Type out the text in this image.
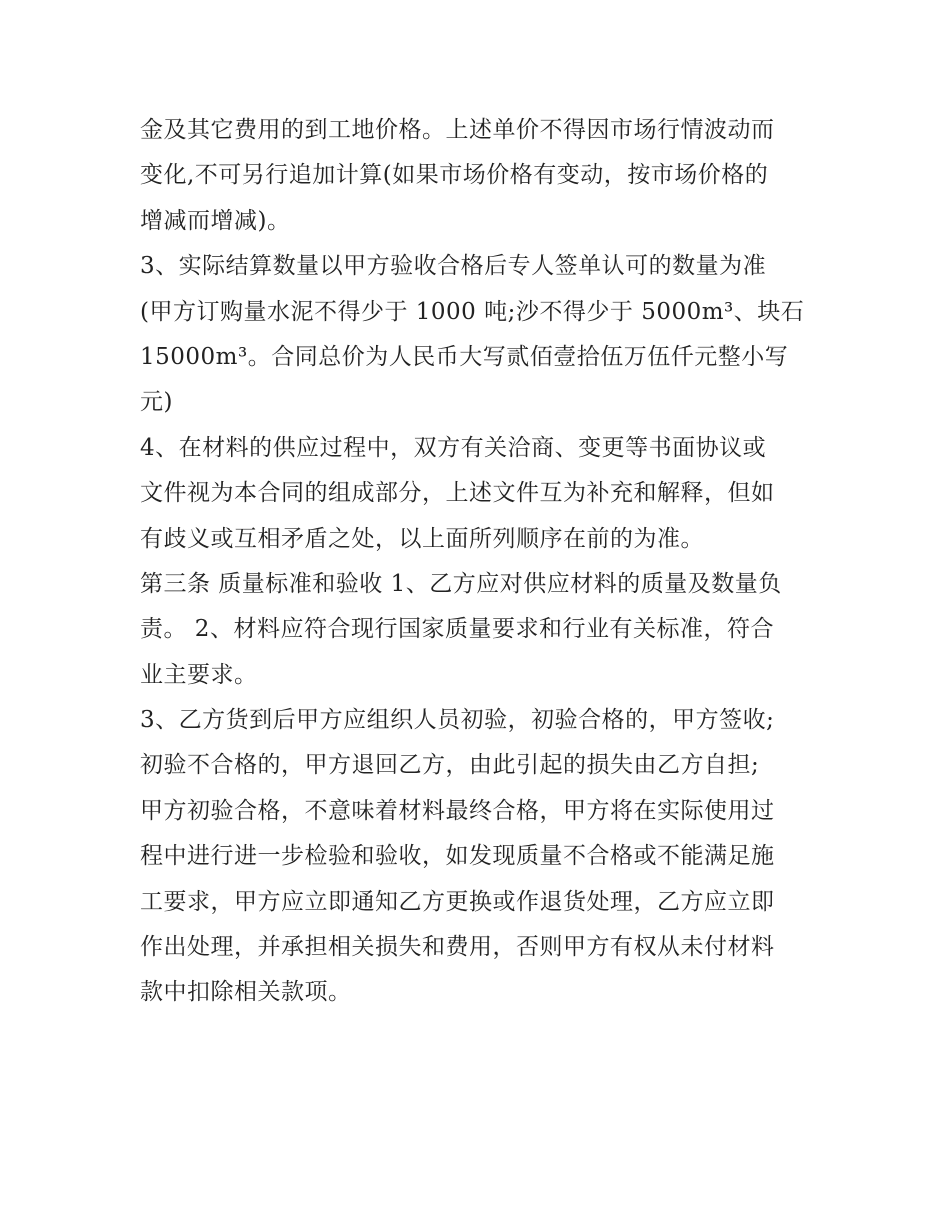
金及其它费用的到工地价格。上述单价不得因市场行情波动而
变化,不可另行追加计算(如果市场价格有变动，按市场价格的
增减而增减)。
3、实际结算数量以甲方验收合格后专人签单认可的数量为准
(甲方订购量水泥不得少于 1000 吨;沙不得少于 5000m³、块石
15000m³。合同总价为人民币大写贰佰壹拾伍万伍仟元整小写
元)
4、在材料的供应过程中，双方有关洽商、变更等书面协议或
文件视为本合同的组成部分，上述文件互为补充和解释，但如
有歧义或互相矛盾之处，以上面所列顺序在前的为准。
第三条 质量标准和验收 1、乙方应对供应材料的质量及数量负
责。 2、材料应符合现行国家质量要求和行业有关标准，符合
业主要求。
3、乙方货到后甲方应组织人员初验，初验合格的，甲方签收;
初验不合格的，甲方退回乙方，由此引起的损失由乙方自担;
甲方初验合格，不意味着材料最终合格，甲方将在实际使用过
程中进行进一步检验和验收，如发现质量不合格或不能满足施
工要求，甲方应立即通知乙方更换或作退货处理，乙方应立即
作出处理，并承担相关损失和费用，否则甲方有权从未付材料
款中扣除相关款项。
